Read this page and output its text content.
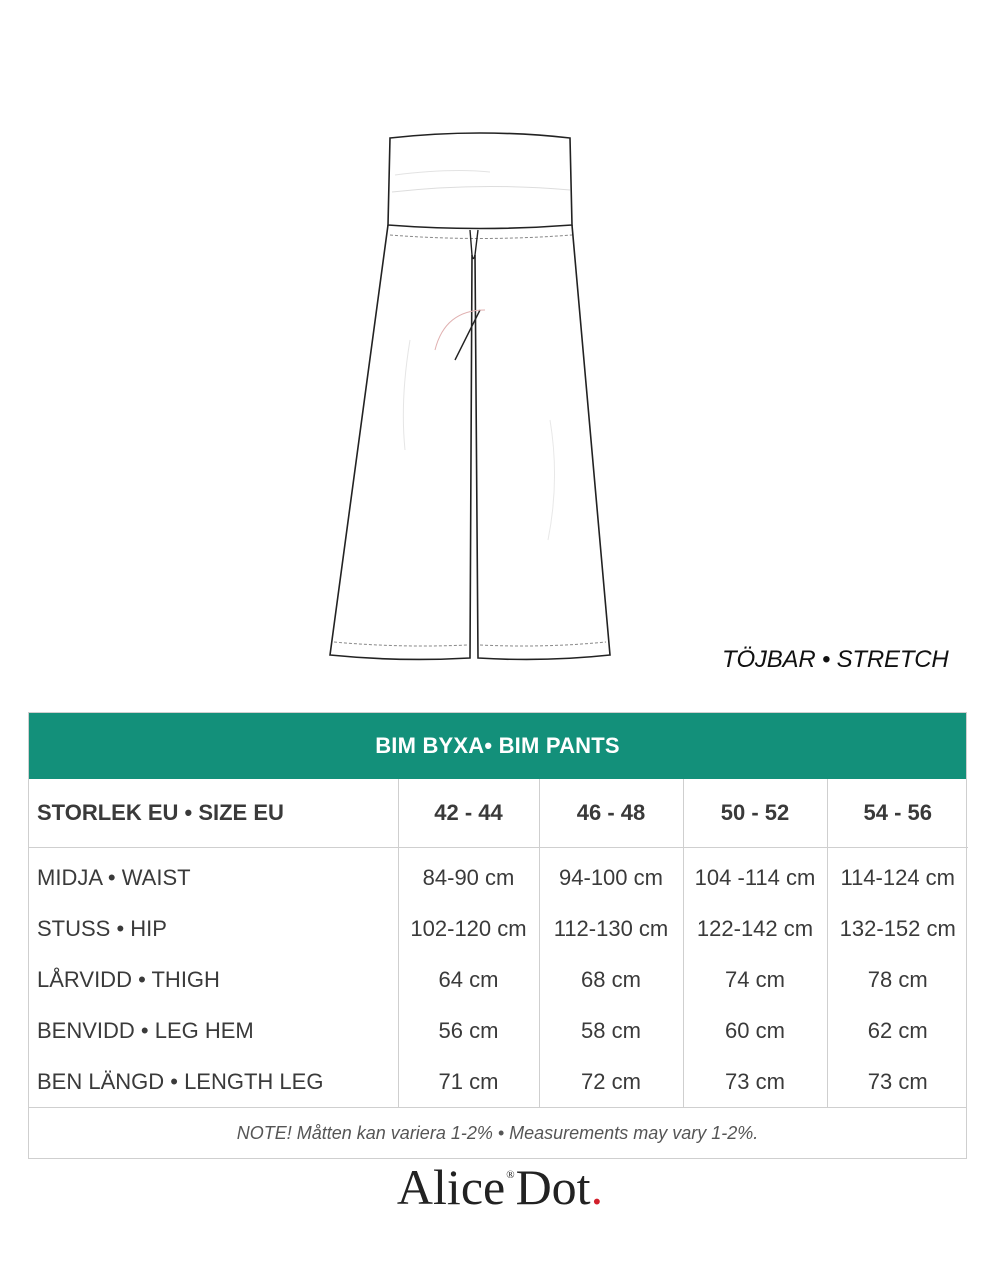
TÖJBAR • STRETCH
BIM BYXA• BIM PANTS
STORLEK EU • SIZE EU	42 - 44	46 - 48	50 - 52	54 - 56
MIDJA • WAIST	84-90 cm	94-100 cm	104 -114 cm	114-124 cm
STUSS • HIP	102-120 cm	112-130 cm	122-142 cm	132-152 cm
LÅRVIDD • THIGH	64 cm	68 cm	74 cm	78 cm
BENVIDD • LEG HEM	56 cm	58 cm	60 cm	62 cm
BEN LÄNGD • LENGTH LEG	71 cm	72 cm	73 cm	73 cm
NOTE! Måtten kan variera 1-2% • Measurements may vary 1-2%.
Alice®Dot.
